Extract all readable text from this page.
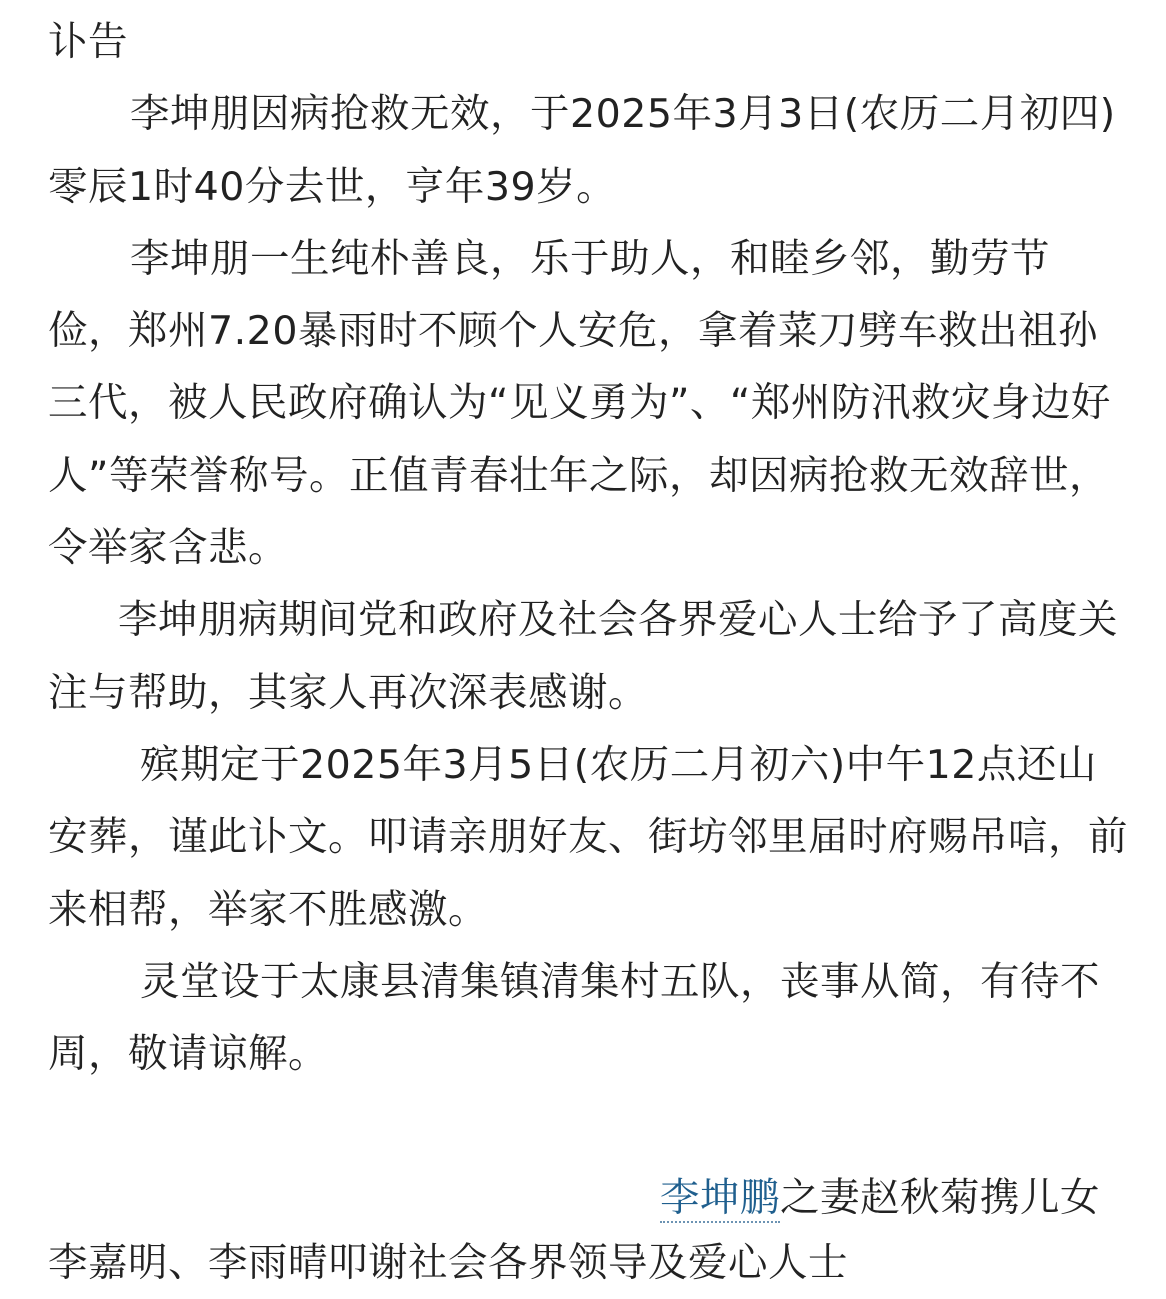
讣告
李坤朋因病抢救无效，于2025年3月3日(农历二月初四)零辰1时40分去世，亨年39岁。
李坤朋一生纯朴善良，乐于助人，和睦乡邻，勤劳节俭，郑州7.20暴雨时不顾个人安危，拿着菜刀劈车救出祖孙三代，被人民政府确认为“见义勇为”、“郑州防汛救灾身边好人”等荣誉称号。正值青春壮年之际，却因病抢救无效辞世，令举家含悲。
李坤朋病期间党和政府及社会各界爱心人士给予了高度关注与帮助，其家人再次深表感谢。
殡期定于2025年3月5日(农历二月初六)中午12点还山安葬，谨此讣文。叩请亲朋好友、街坊邻里届时府赐吊唁，前来相帮，举家不胜感激。
灵堂设于太康县清集镇清集村五队，丧事从简，有待不周，敬请谅解。
李坤鹏之妻赵秋菊携儿女
李嘉明、李雨晴叩谢社会各界领导及爱心人士
